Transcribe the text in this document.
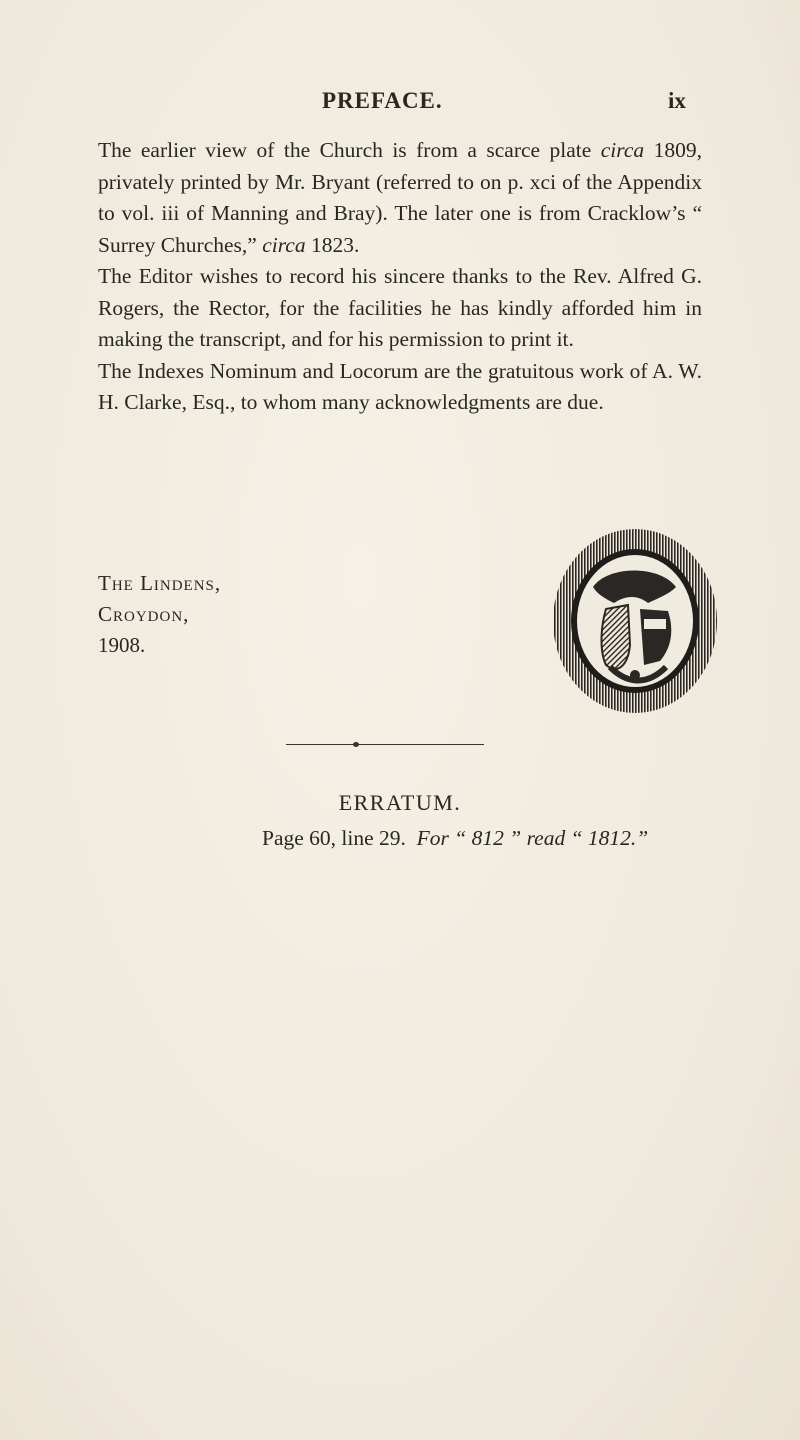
PREFACE.	ix

The earlier view of the Church is from a scarce plate circa 1809, privately printed by Mr. Bryant (referred to on p. xci of the Appendix to vol. iii of Manning and Bray). The later one is from Cracklow’s “ Surrey Churches,” circa 1823.

The Editor wishes to record his sincere thanks to the Rev. Alfred G. Rogers, the Rector, for the facilities he has kindly afforded him in making the transcript, and for his permission to print it.

The Indexes Nominum and Locorum are the gratuitous work of A. W. H. Clarke, Esq., to whom many acknowledgments are due.

The Lindens,
Croydon,
1908.
ERRATUM.
Page 60, line 29. For “ 812 ” read “ 1812.”
